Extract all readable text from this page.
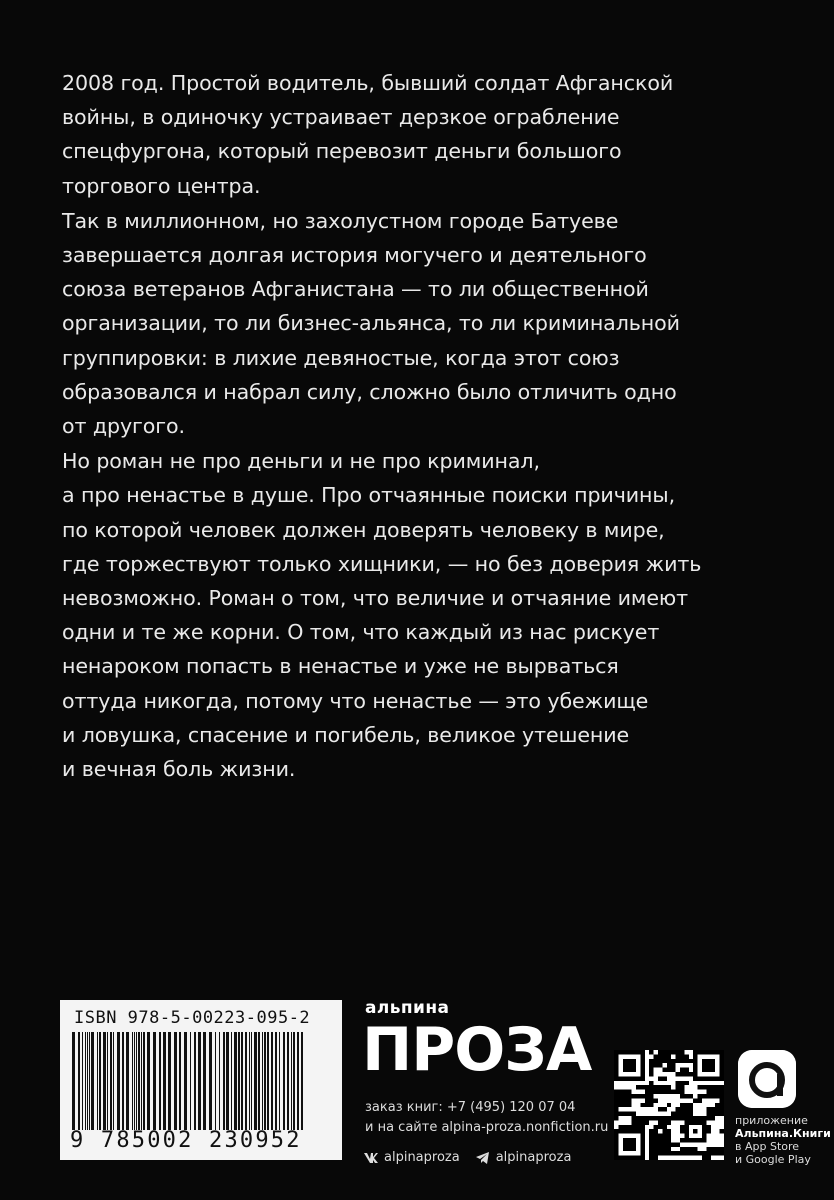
2008 год. Простой водитель, бывший солдат Афганской
войны, в одиночку устраивает дерзкое ограбление
спецфургона, который перевозит деньги большого
торгового центра.

Так в миллионном, но захолустном городе Батуеве
завершается долгая история могучего и деятельного
союза ветеранов Афганистана — то ли общественной
организации, то ли бизнес-альянса, то ли криминальной
группировки: в лихие девяностые, когда этот союз
образовался и набрал силу, сложно было отличить одно
от другого.

Но роман не про деньги и не про криминал,
а про ненастье в душе. Про отчаянные поиски причины,
по которой человек должен доверять человеку в мире,
где торжествуют только хищники, — но без доверия жить
невозможно. Роман о том, что величие и отчаяние имеют
одни и те же корни. О том, что каждый из нас рискует
ненароком попасть в ненастье и уже не вырваться
оттуда никогда, потому что ненастье — это убежище
и ловушка, спасение и погибель, великое утешение
и вечная боль жизни.

ISBN 978-5-00223-095-2
9 785002 230952
альпина
ПРОЗА
заказ книг: +7 (495) 120 07 04
и на сайте alpina-proza.nonfiction.ru
alpinaproza	alpinaproza
приложение
Альпина.Книги
в App Store
и Google Play
